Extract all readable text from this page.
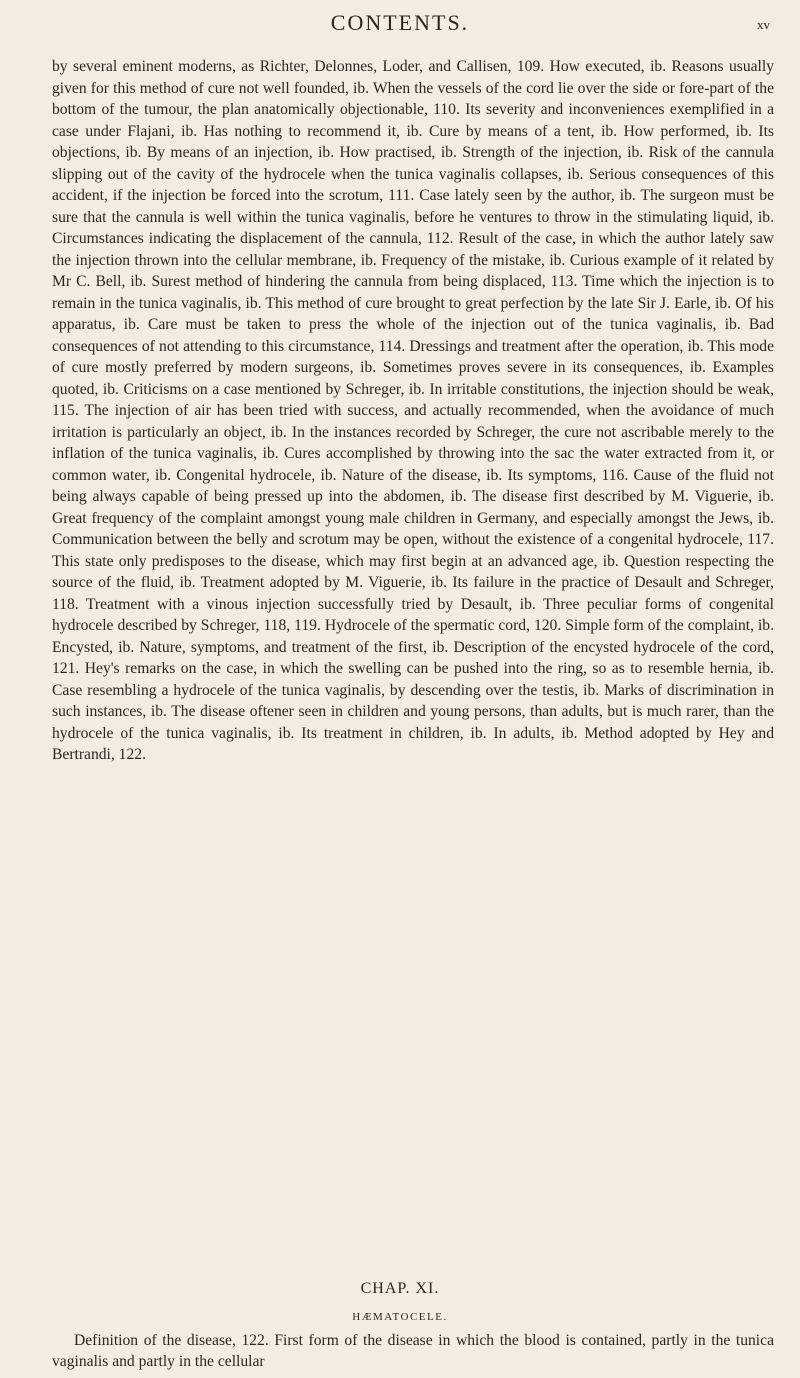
CONTENTS.	xv

by several eminent moderns, as Richter, Delonnes, Loder, and Callisen, 109. How executed, ib. Reasons usually given for this method of cure not well founded, ib. When the vessels of the cord lie over the side or fore-part of the bottom of the tumour, the plan anatomically objectionable, 110. Its severity and inconveniences exemplified in a case under Flajani, ib. Has nothing to recommend it, ib. Cure by means of a tent, ib. How performed, ib. Its objections, ib. By means of an injection, ib. How practised, ib. Strength of the injection, ib. Risk of the cannula slipping out of the cavity of the hydrocele when the tunica vaginalis collapses, ib. Serious consequences of this accident, if the injection be forced into the scrotum, 111. Case lately seen by the author, ib. The surgeon must be sure that the cannula is well within the tunica vaginalis, before he ventures to throw in the stimulating liquid, ib. Circumstances indicating the displacement of the cannula, 112. Result of the case, in which the author lately saw the injection thrown into the cellular membrane, ib. Frequency of the mistake, ib. Curious example of it related by Mr C. Bell, ib. Surest method of hindering the cannula from being displaced, 113. Time which the injection is to remain in the tunica vaginalis, ib. This method of cure brought to great perfection by the late Sir J. Earle, ib. Of his apparatus, ib. Care must be taken to press the whole of the injection out of the tunica vaginalis, ib. Bad consequences of not attending to this circumstance, 114. Dressings and treatment after the operation, ib. This mode of cure mostly preferred by modern surgeons, ib. Sometimes proves severe in its consequences, ib. Examples quoted, ib. Criticisms on a case mentioned by Schreger, ib. In irritable constitutions, the injection should be weak, 115. The injection of air has been tried with success, and actually recommended, when the avoidance of much irritation is particularly an object, ib. In the instances recorded by Schreger, the cure not ascribable merely to the inflation of the tunica vaginalis, ib. Cures accomplished by throwing into the sac the water extracted from it, or common water, ib. Congenital hydrocele, ib. Nature of the disease, ib. Its symptoms, 116. Cause of the fluid not being always capable of being pressed up into the abdomen, ib. The disease first described by M. Viguerie, ib. Great frequency of the complaint amongst young male children in Germany, and especially amongst the Jews, ib. Communication between the belly and scrotum may be open, without the existence of a congenital hydrocele, 117. This state only predisposes to the disease, which may first begin at an advanced age, ib. Question respecting the source of the fluid, ib. Treatment adopted by M. Viguerie, ib. Its failure in the practice of Desault and Schreger, 118. Treatment with a vinous injection successfully tried by Desault, ib. Three peculiar forms of congenital hydrocele described by Schreger, 118, 119. Hydrocele of the spermatic cord, 120. Simple form of the complaint, ib. Encysted, ib. Nature, symptoms, and treatment of the first, ib. Description of the encysted hydrocele of the cord, 121. Hey's remarks on the case, in which the swelling can be pushed into the ring, so as to resemble hernia, ib. Case resembling a hydrocele of the tunica vaginalis, by descending over the testis, ib. Marks of discrimination in such instances, ib. The disease oftener seen in children and young persons, than adults, but is much rarer, than the hydrocele of the tunica vaginalis, ib. Its treatment in children, ib. In adults, ib. Method adopted by Hey and Bertrandi, 122.

CHAP. XI.
HÆMATOCELE.

Definition of the disease, 122. First form of the disease in which the blood is contained, partly in the tunica vaginalis and partly in the cellular
